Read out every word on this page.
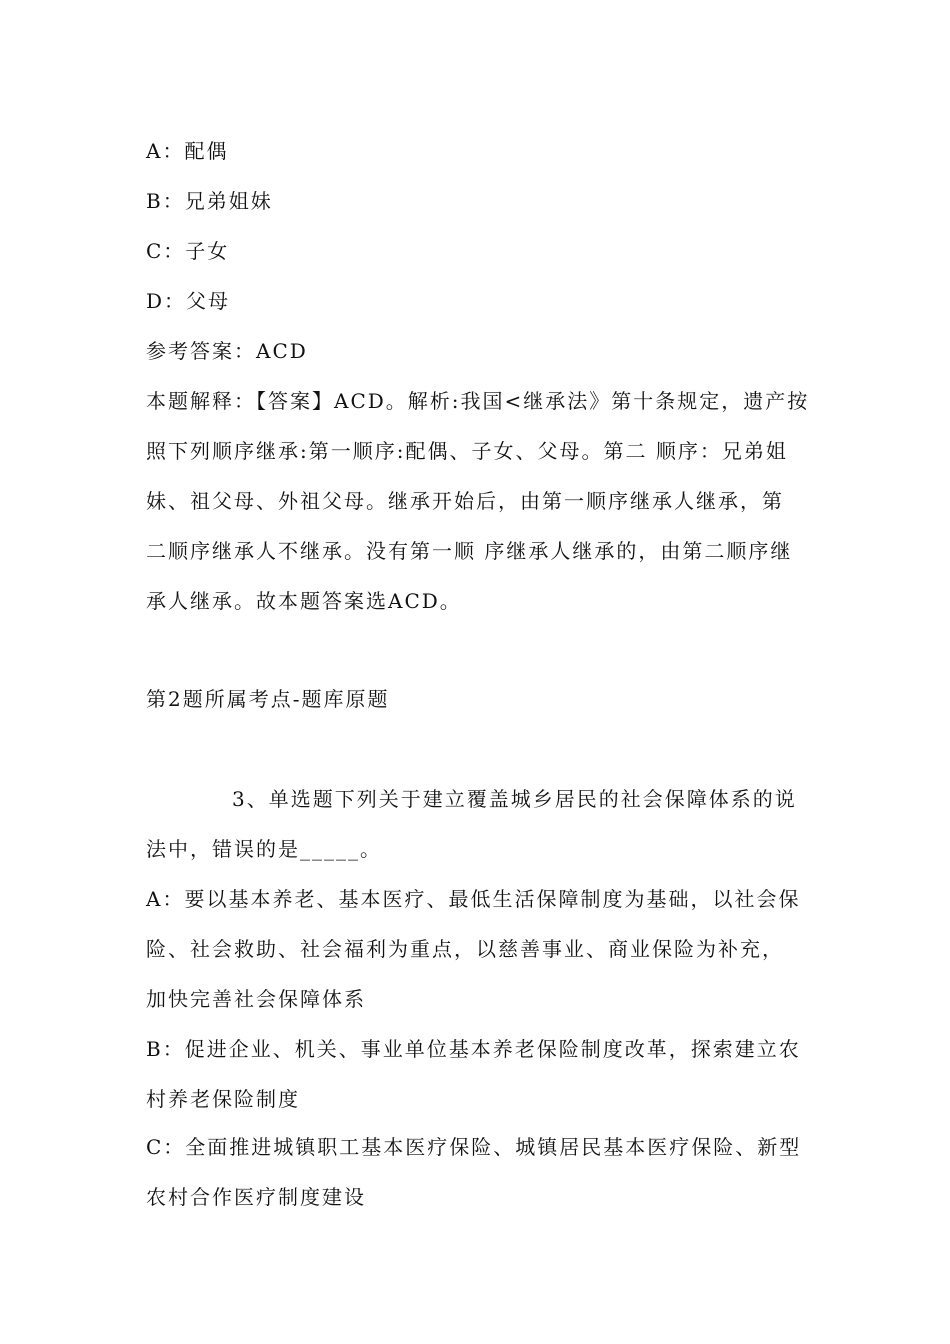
A：配偶
B：兄弟姐妹
C：子女
D：父母
参考答案：ACD
本题解释：【答案】ACD。解析:我国<继承法》第十条规定，遗产按
照下列顺序继承:第一顺序:配偶、子女、父母。第二 顺序：兄弟姐
妹、祖父母、外祖父母。继承开始后，由第一顺序继承人继承，第
二顺序继承人不继承。没有第一顺 序继承人继承的，由第二顺序继
承人继承。故本题答案选ACD。
第2题所属考点-题库原题
3、单选题下列关于建立覆盖城乡居民的社会保障体系的说
法中，错误的是_____。
A：要以基本养老、基本医疗、最低生活保障制度为基础，以社会保
险、社会救助、社会福利为重点，以慈善事业、商业保险为补充，
加快完善社会保障体系
B：促进企业、机关、事业单位基本养老保险制度改革，探索建立农
村养老保险制度
C：全面推进城镇职工基本医疗保险、城镇居民基本医疗保险、新型
农村合作医疗制度建设
